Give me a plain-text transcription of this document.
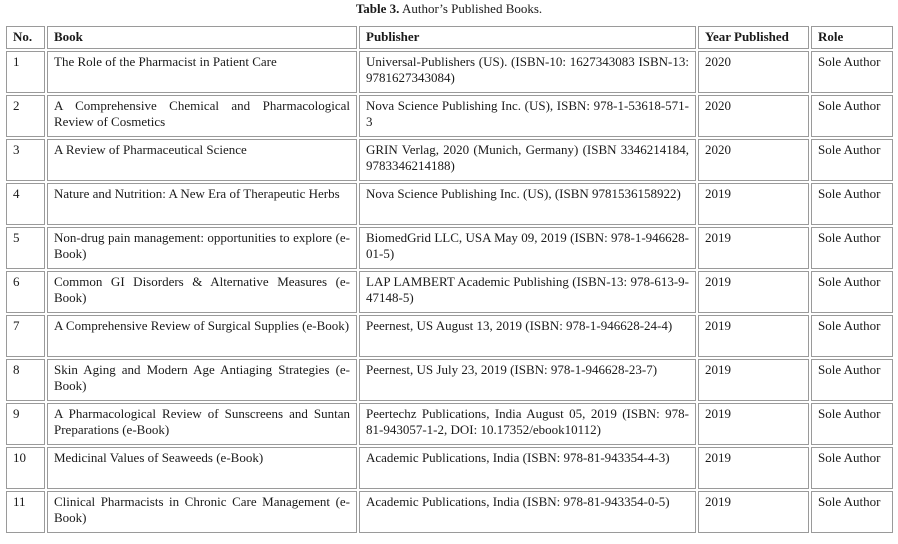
Table 3. Author’s Published Books.
No.	Book	Publisher	Year Published	Role
1	The Role of the Pharmacist in Patient Care	Universal-Publishers (US). (ISBN-10: 1627343083 ISBN-13: 9781627343084)	2020	Sole Author
2	A Comprehensive Chemical and Pharmacological Review of Cosmetics	Nova Science Publishing Inc. (US), ISBN: 978-1-53618-571-3	2020	Sole Author
3	A Review of Pharmaceutical Science	GRIN Verlag, 2020 (Munich, Germany) (ISBN 3346214184, 9783346214188)	2020	Sole Author
4	Nature and Nutrition: A New Era of Therapeutic Herbs	Nova Science Publishing Inc. (US), (ISBN 9781536158922)	2019	Sole Author
5	Non-drug pain management: opportunities to explore (e-Book)	BiomedGrid LLC, USA May 09, 2019 (ISBN: 978-1-946628-01-5)	2019	Sole Author
6	Common GI Disorders & Alternative Measures (e-Book)	LAP LAMBERT Academic Publishing (ISBN-13: 978-613-9-47148-5)	2019	Sole Author
7	A Comprehensive Review of Surgical Supplies (e-Book)	Peernest, US August 13, 2019 (ISBN: 978-1-946628-24-4)	2019	Sole Author
8	Skin Aging and Modern Age Antiaging Strategies (e-Book)	Peernest, US July 23, 2019 (ISBN: 978-1-946628-23-7)	2019	Sole Author
9	A Pharmacological Review of Sunscreens and Suntan Preparations (e-Book)	Peertechz Publications, India August 05, 2019 (ISBN: 978-81-943057-1-2, DOI: 10.17352/ebook10112)	2019	Sole Author
10	Medicinal Values of Seaweeds (e-Book)	Academic Publications, India (ISBN: 978-81-943354-4-3)	2019	Sole Author
11	Clinical Pharmacists in Chronic Care Management (e-Book)	Academic Publications, India (ISBN: 978-81-943354-0-5)	2019	Sole Author
